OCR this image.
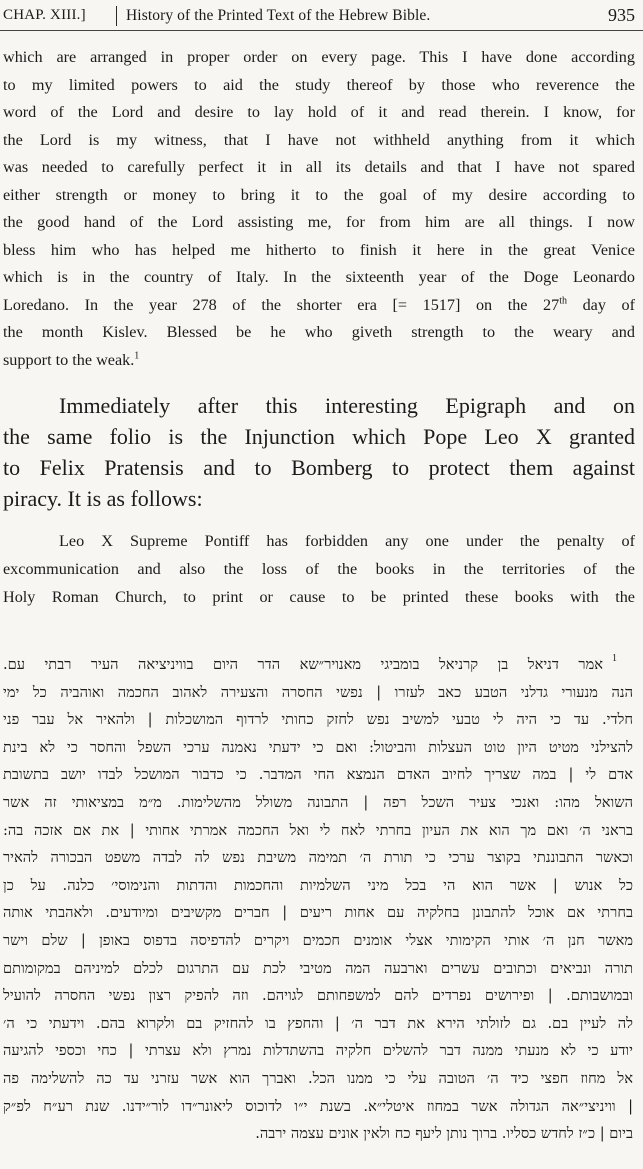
CHAP. XIII.]	History of the Printed Text of the Hebrew Bible.	935
which are arranged in proper order on every page. This I have done according
to my limited powers to aid the study thereof by those who reverence the
word of the Lord and desire to lay hold of it and read therein. I know, for
the Lord is my witness, that I have not withheld anything from it which
was needed to carefully perfect it in all its details and that I have not spared
either strength or money to bring it to the goal of my desire according to
the good hand of the Lord assisting me, for from him are all things. I now
bless him who has helped me hitherto to finish it here in the great Venice
which is in the country of Italy. In the sixteenth year of the Doge Leonardo
Loredano. In the year 278 of the shorter era [= 1517] on the 27th day of
the month Kislev. Blessed be he who giveth strength to the weary and
support to the weak.$^1$
Immediately after this interesting Epigraph and on
the same folio is the Injunction which Pope Leo X granted
to Felix Pratensis and to Bomberg to protect them against
piracy. It is as follows:
Leo X Supreme Pontiff has forbidden any one under the penalty of
excommunication and also the loss of the books in the territories of the
Holy Roman Church, to print or cause to be printed these books with the
1
אמר דניאל בן קרניאל בומביגי מאנויר״שא הדר היום בוויניציאה העיר רבתי עם.
הנה מנעורי גדלני הטבע כאב לעזרו | נפשי החסרה והצעירה לאהוב החכמה ואוהביה כל ימי
חלדי. עד כי היה לי טבעי למשיב נפש לחזק כחותי לרדוף המושכלות | ולהאיר אל עבר פני
להצילני מטיט היון טוט העצלות והביטול: ואם כי ידעתי נאמנה ערכי השפל והחסר כי לא בינת
אדם לי | במה שצריך לחיוב האדם הנמצא החי המדבר. כי כדבור המושכל לבדו יושב בתשובת
השואל מהו: ואנכי צעיר השכל רפה | התבונה משולל מהשלימות. מ״מ במציאותי זה אשר
בראני ה׳ ואם מך הוא את העיון בחרתי לאח לי ואל החכמה אמרתי אחותי | את אם אזכה בה:
וכאשר התבוננתי בקוצר ערכי כי תורת ה׳ תמימה משיבת נפש לה לבדה משפט הבכורה להאיר
כל אנוש | אשר הוא הי בכל מיני השלמיות והחכמות והדתות והנימוסי׳ כלנה. על כן
בחרתי אם אוכל להתבונן בחלקיה עם אחות ריעים | חברים מקשיבים ומיודעים. ולאהבתי אותה
מאשר חנן ה׳ אותי הקימותי אצלי אומנים חכמים ויקרים להדפיסה בדפוס באופן | שלם וישר
תורה ונביאים וכתובים עשרים וארבעה המה מטיבי לכת עם התרגום לכלם למיניהם במקומותם
ובמושבותם. | ופירושים נפרדים להם למשפחותם לגויהם. וזה להפיק רצון נפשי החסרה להועיל
לה לעיין בם. גם לזולתי הירא את דבר ה׳ | והחפץ בו להחזיק בם ולקרוא בהם. וידעתי כי ה׳
יודע כי לא מנעתי ממנה דבר להשלים חלקיה בהשתדלות נמרץ ולא עצרתי | כחי וכספי להגיעה
אל מחוז חפצי כיד ה׳ הטובה עלי כי ממנו הכל. ואברך הוא אשר עזרני עד כה להשלימה פה
| וויניצי״אה הגדולה אשר במחוז איטלי״א. בשנת י״ו לדוכוס ליאונר״דו לור״ידנו. שנת רע״ח לפ״ק
ביום | כ״ז לחדש כסליו. ברוך נותן ליעף כח ולאין אונים עצמה ירבה.
